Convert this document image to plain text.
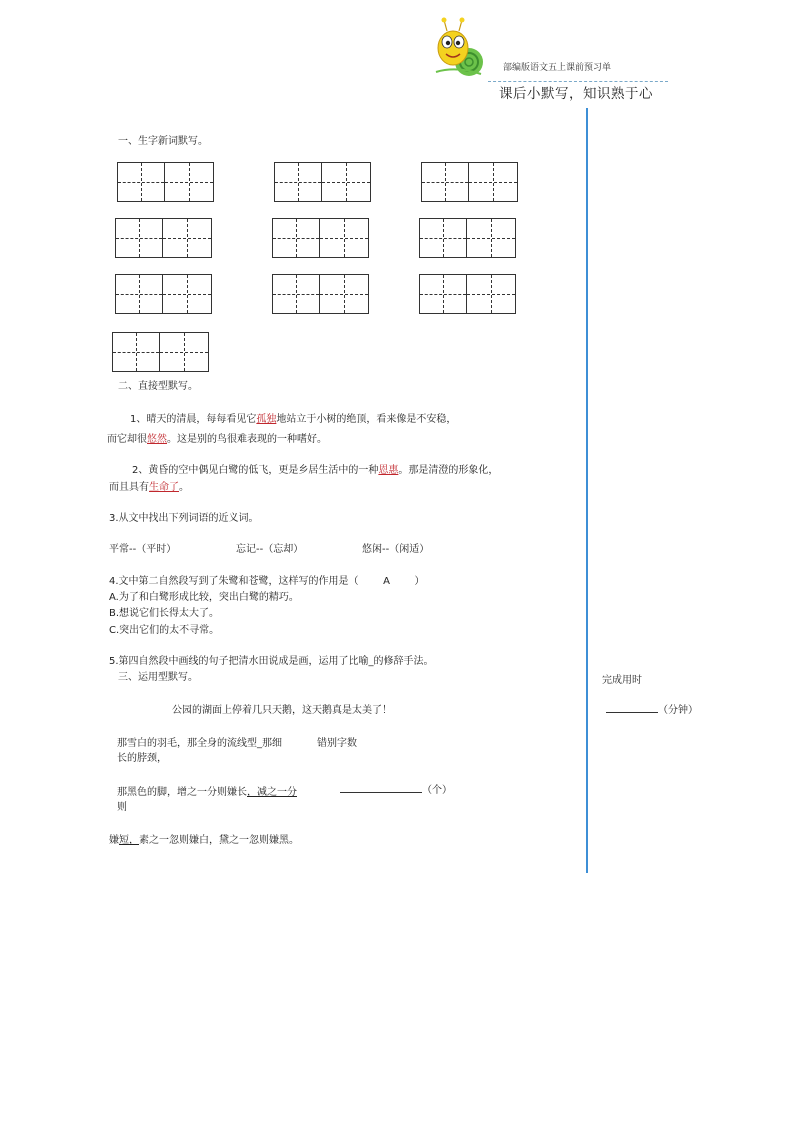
部编版语文五上课前预习单
课后小默写，知识熟于心
一、生字新词默写。
二、直接型默写。
1、晴天的清晨，每每看见它孤独地站立于小树的绝顶，看来像是不安稳，
而它却很悠然。这是别的鸟很难表现的一种嗜好。
2、黄昏的空中偶见白鹭的低飞，更是乡居生活中的一种恩惠。那是清澄的形象化，
而且具有生命了。
3.从文中找出下列词语的近义词。
平常--（平时）	忘记--（忘却）	悠闲--（闲适）
4.文中第二自然段写到了朱鹭和苍鹭，这样写的作用是（ A ）
A.为了和白鹭形成比较，突出白鹭的精巧。
B.想说它们长得太大了。
C.突出它们的太不寻常。
5.第四自然段中画线的句子把清水田说成是画，运用了比喻_的修辞手法。
三、运用型默写。
公园的湖面上停着几只天鹅，这天鹅真是太美了！
那雪白的羽毛，那全身的流线型_那细	错别字数
长的脖颈，
那黑色的脚，增之一分则嫌长，减之一分	（个）
则
嫌短，素之一忽则嫌白，黛之一忽则嫌黑。
完成用时
（分钟）
